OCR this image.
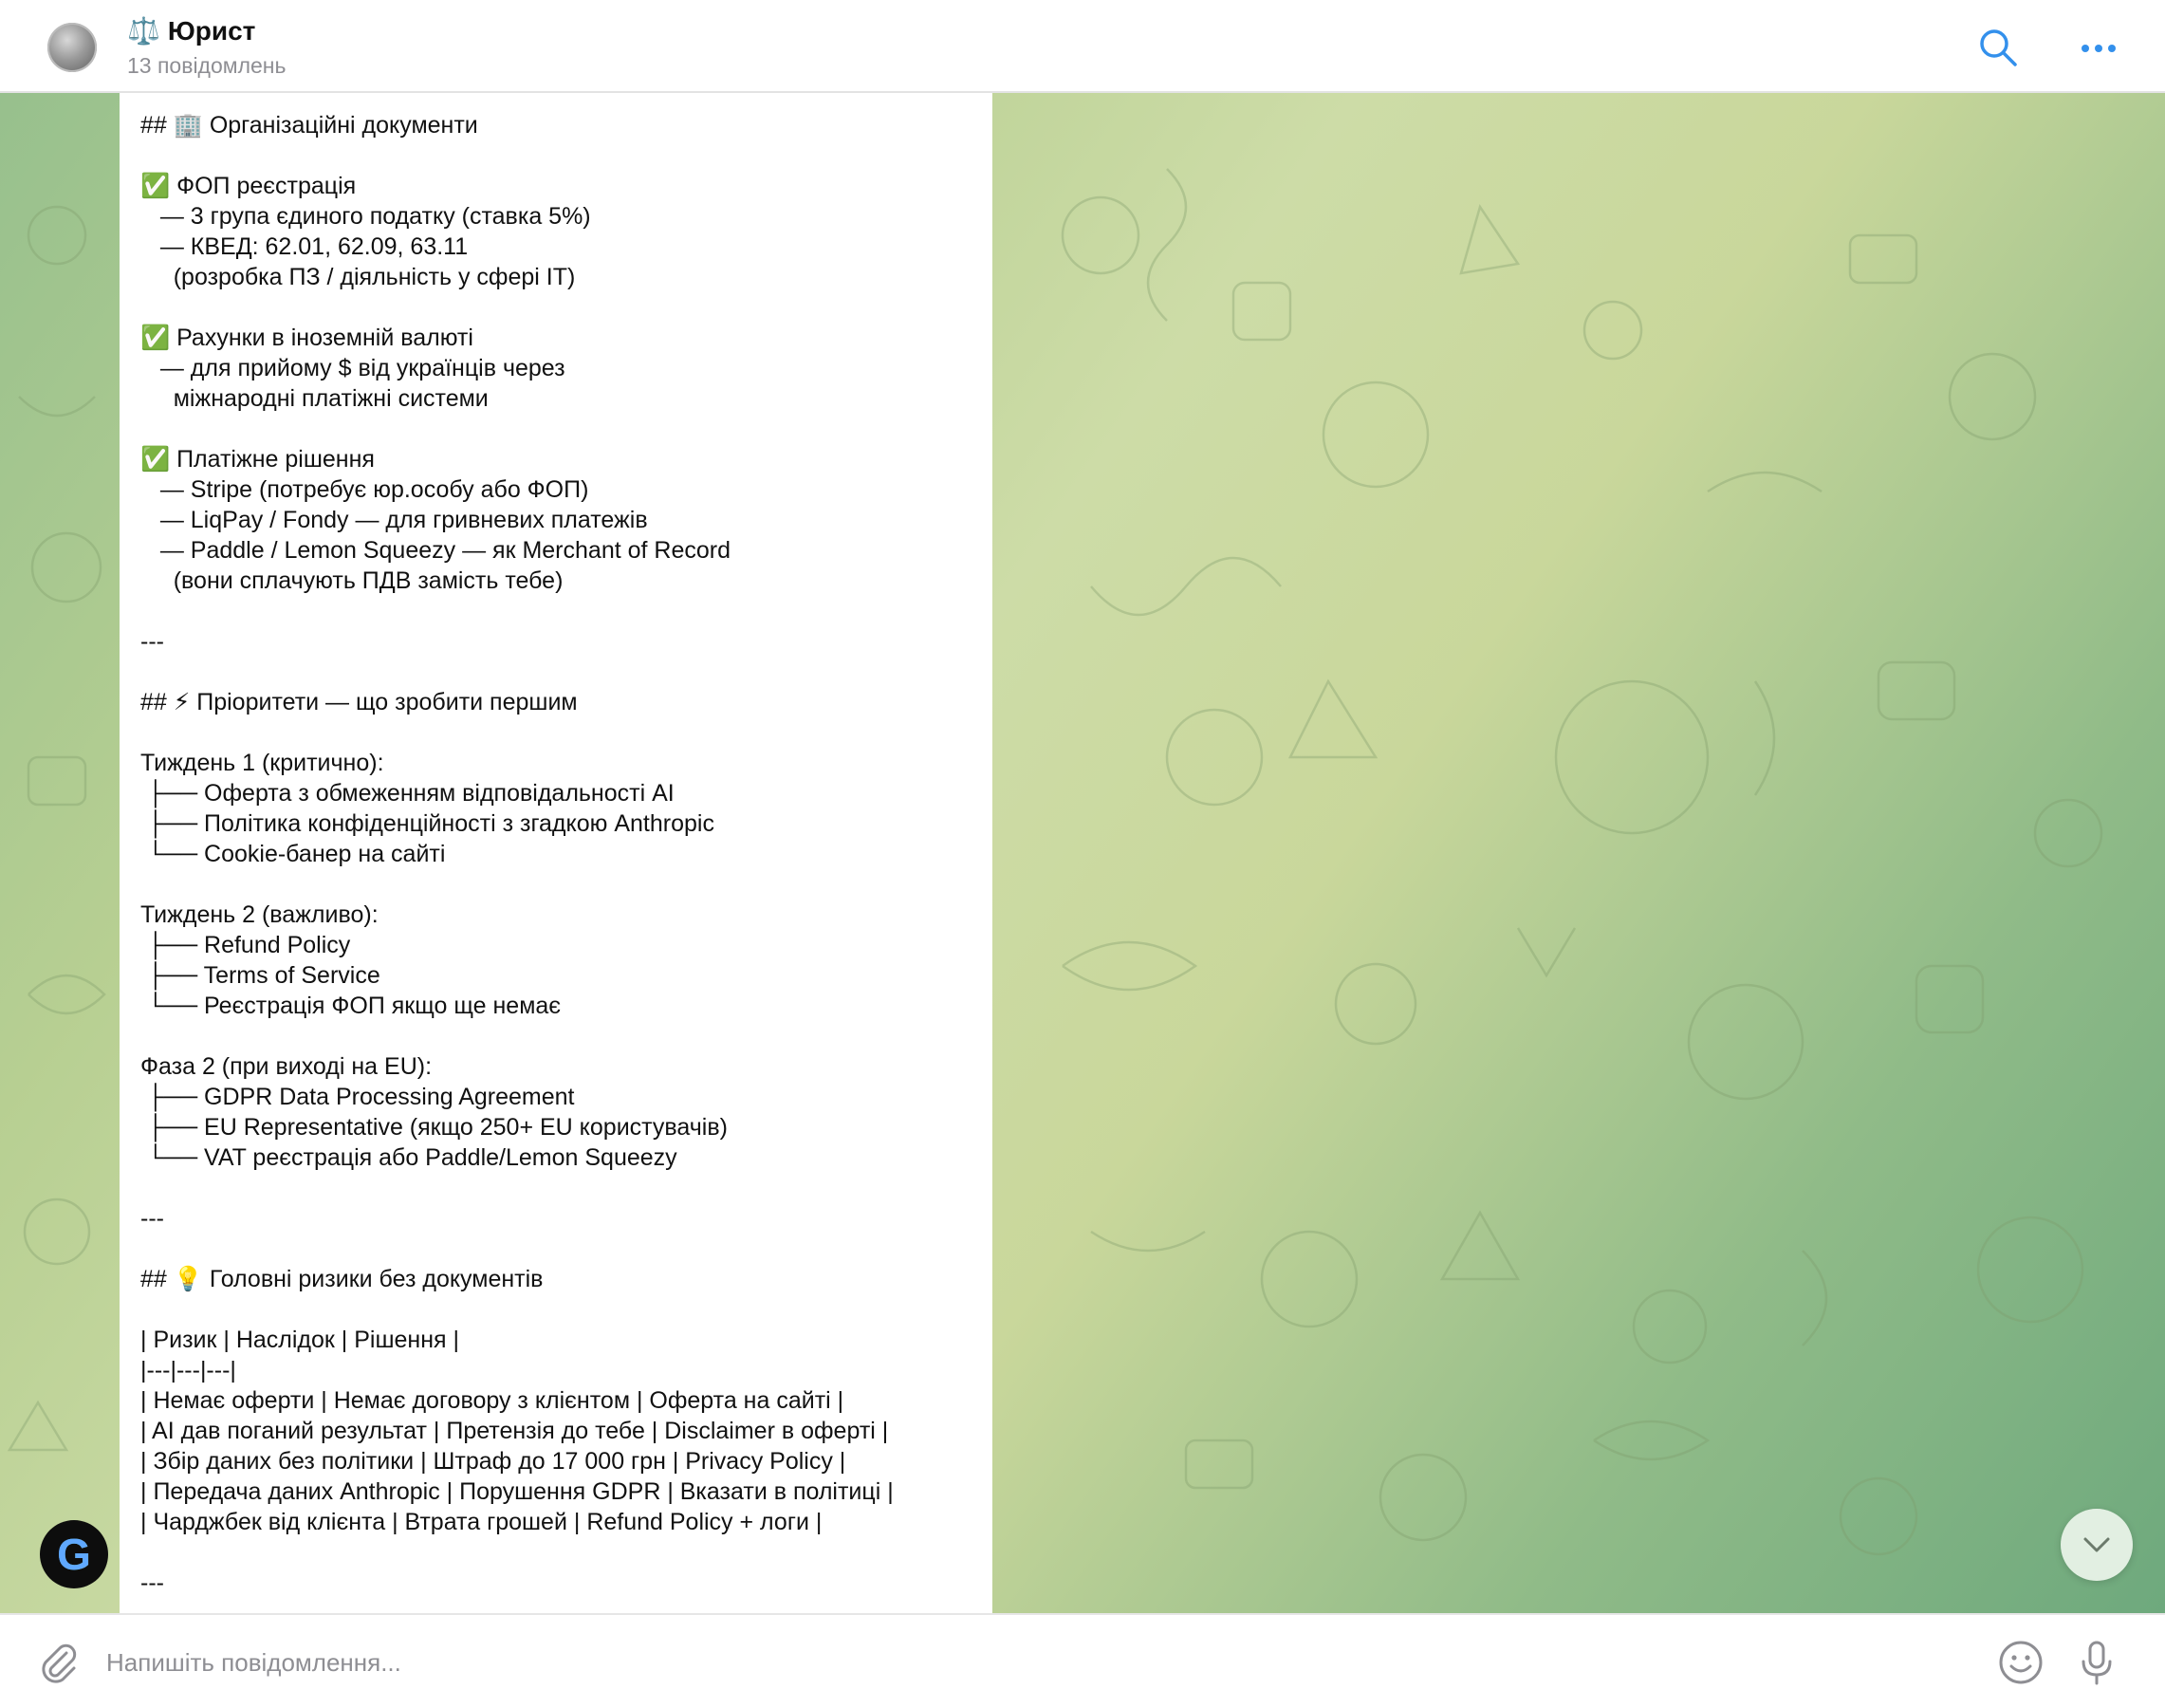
⚖️ Юрист
13 повідомлень
## 🏢 Організаційні документи

✅ ФОП реєстрація
— 3 група єдиного податку (ставка 5%)
— КВЕД: 62.01, 62.09, 63.11
(розробка ПЗ / діяльність у сфері IT)

✅ Рахунки в іноземній валюті
— для прийому $ від українців через
міжнародні платіжні системи

✅ Платіжне рішення
— Stripe (потребує юр.особу або ФОП)
— LiqPay / Fondy — для гривневих платежів
— Paddle / Lemon Squeezy — як Merchant of Record
(вони сплачують ПДВ замість тебе)

---

## ⚡ Пріоритети — що зробити першим

Тиждень 1 (критично):
├── Оферта з обмеженням відповідальності AI
├── Політика конфіденційності з згадкою Anthropic
└── Cookie-банер на сайті

Тиждень 2 (важливо):
├── Refund Policy
├── Terms of Service
└── Реєстрація ФОП якщо ще немає

Фаза 2 (при виході на EU):
├── GDPR Data Processing Agreement
├── EU Representative (якщо 250+ EU користувачів)
└── VAT реєстрація або Paddle/Lemon Squeezy

---

## 💡 Головні ризики без документів

| Ризик | Наслідок | Рішення |
|---|---|---|
| Немає оферти | Немає договору з клієнтом | Оферта на сайті |
| AI дав поганий результат | Претензія до тебе | Disclaimer в оферті |
| Збір даних без політики | Штраф до 17 000 грн | Privacy Policy |
| Передача даних Anthropic | Порушення GDPR | Вказати в політиці |
| Чарджбек від клієнта | Втрата грошей | Refund Policy + логи |

---
G
Напишіть повідомлення...
